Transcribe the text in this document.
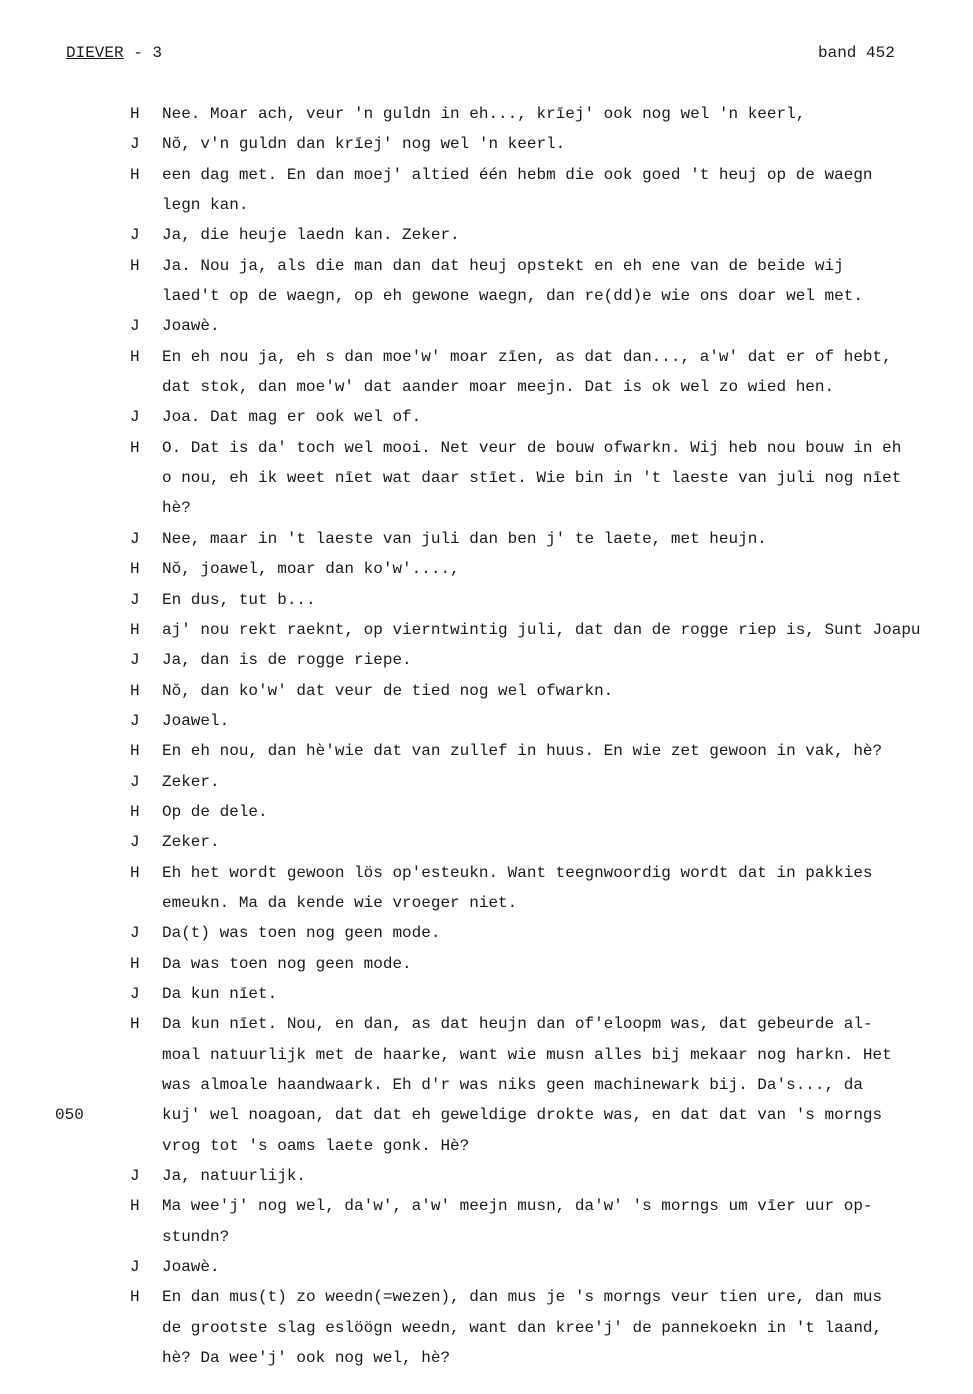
DIEVER - 3	band 452
H Nee. Moar ach, veur 'n guldn in eh..., krīej' ook nog wel 'n keerl,
J Nŏ, v'n guldn dan krīej' nog wel 'n keerl.
H een dag met. En dan moej' altied één hebm die ook goed 't heuj op de waegn
legn kan.
J Ja, die heuje laedn kan. Zeker.
H Ja. Nou ja, als die man dan dat heuj opstekt en eh ene van de beide wij
laed't op de waegn, op eh gewone waegn, dan re(dd)e wie ons doar wel met.
J Joawè.
H En eh nou ja, eh s dan moe'w' moar zīen, as dat dan..., a'w' dat er of hebt,
dat stok, dan moe'w' dat aander moar meejn. Dat is ok wel zo wied hen.
J Joa. Dat mag er ook wel of.
H O. Dat is da' toch wel mooi. Net veur de bouw ofwarkn. Wij heb nou bouw in eh
o nou, eh ik weet nīet wat daar stīet. Wie bin in 't laeste van juli nog nīet
hè?
J Nee, maar in 't laeste van juli dan ben j' te laete, met heujn.
H Nŏ, joawel, moar dan ko'w'....,
J En dus, tut b...
H aj' nou rekt raeknt, op vierntwintig juli, dat dan de rogge riep is, Sunt Joapu
J Ja, dan is de rogge riepe.
H Nŏ, dan ko'w' dat veur de tied nog wel ofwarkn.
J Joawel.
H En eh nou, dan hè'wie dat van zullef in huus. En wie zet gewoon in vak, hè?
J Zeker.
H Op de dele.
J Zeker.
H Eh het wordt gewoon lös op'esteukn. Want teegnwoordig wordt dat in pakkies
emeukn. Ma da kende wie vroeger niet.
J Da(t) was toen nog geen mode.
H Da was toen nog geen mode.
J Da kun nīet.
H Da kun nīet. Nou, en dan, as dat heujn dan of'eloopm was, dat gebeurde al-
moal natuurlijk met de haarke, want wie musn alles bij mekaar nog harkn. Het
was almoale haandwaark. Eh d'r was niks geen machinewark bij. Da's..., da
050	kuj' wel noagoan, dat dat eh geweldige drokte was, en dat dat van 's morngs
vrog tot 's oams laete gonk. Hè?
J Ja, natuurlijk.
H Ma wee'j' nog wel, da'w', a'w' meejn musn, da'w' 's morngs um vīer uur op-
stundn?
J Joawè.
H En dan mus(t) zo weedn(=wezen), dan mus je 's morngs veur tien ure, dan mus
de grootste slag eslöögn weedn, want dan kree'j' de pannekoekn in 't laand,
hè? Da wee'j' ook nog wel, hè?
